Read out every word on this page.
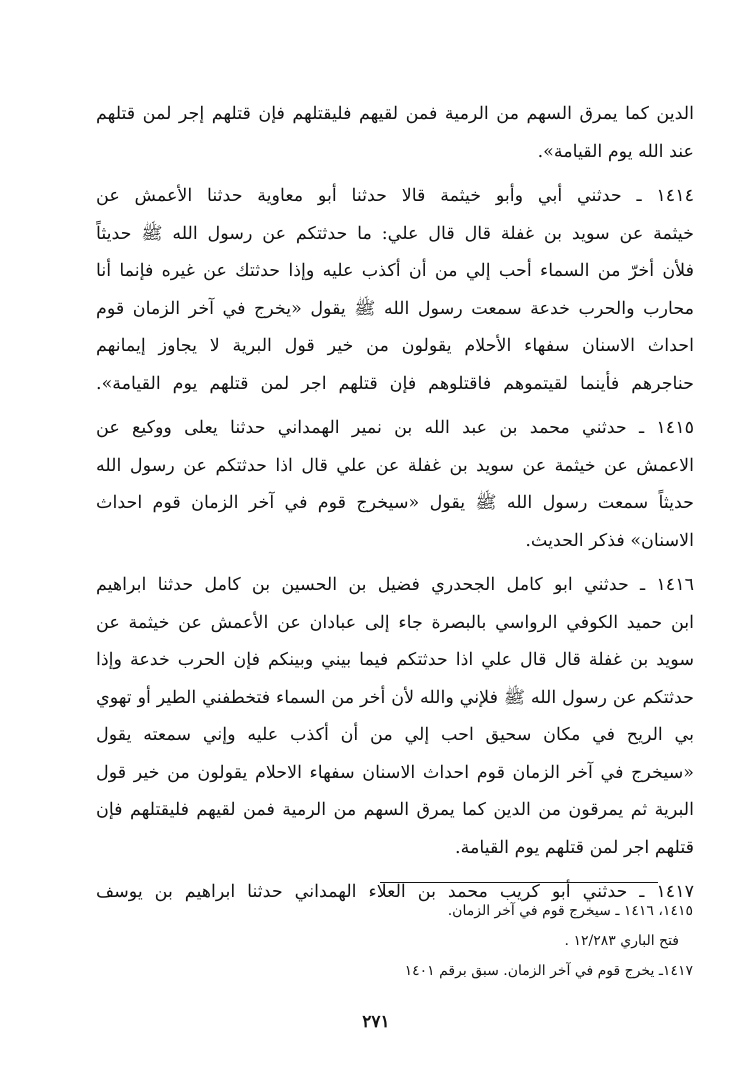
الدين كما يمرق السهم من الرمية فمن لقيهم فليقتلهم فإن قتلهم إجر لمن قتلهم
عند الله يوم القيامة».
١٤١٤ ـ حدثني أبي وأبو خيثمة قالا حدثنا أبو معاوية حدثنا الأعمش عن
خيثمة عن سويد بن غفلة قال قال علي: ما حدثتكم عن رسول الله ﷺ حديثاً
فلأن أخرّ من السماء أحب إلي من أن أكذب عليه وإذا حدثتك عن غيره فإنما أنا
محارب والحرب خدعة سمعت رسول الله ﷺ يقول «يخرج في آخر الزمان قوم
احداث الاسنان سفهاء الأحلام يقولون من خير قول البرية لا يجاوز إيمانهم
حناجرهم فأينما لقيتموهم فاقتلوهم فإن قتلهم اجر لمن قتلهم يوم القيامة».
١٤١٥ ـ حدثني محمد بن عبد الله بن نمير الهمداني حدثنا يعلى ووكيع عن
الاعمش عن خيثمة عن سويد بن غفلة عن علي قال اذا حدثتكم عن رسول الله
حديثاً سمعت رسول الله ﷺ يقول «سيخرج قوم في آخر الزمان قوم احداث
الاسنان» فذكر الحديث.
١٤١٦ ـ حدثني ابو كامل الجحدري فضيل بن الحسين بن كامل حدثنا ابراهيم
ابن حميد الكوفي الرواسي بالبصرة جاء إلى عبادان عن الأعمش عن خيثمة عن
سويد بن غفلة قال قال علي اذا حدثتكم فيما بيني وبينكم فإن الحرب خدعة وإذا
حدثتكم عن رسول الله ﷺ فلإني والله لأن أخر من السماء فتخطفني الطير أو تهوي
بي الريح في مكان سحيق احب إلي من أن أكذب عليه وإني سمعته يقول
«سيخرج في آخر الزمان قوم احداث الاسنان سفهاء الاحلام يقولون من خير قول
البرية ثم يمرقون من الدين كما يمرق السهم من الرمية فمن لقيهم فليقتلهم فإن
قتلهم اجر لمن قتلهم يوم القيامة.
١٤١٧ ـ حدثني أبو كريب محمد بن العلاء الهمداني حدثنا ابراهيم بن يوسف
١٤١٥، ١٤١٦ ـ سيخرج قوم في آخر الزمان.
فتح الباري ١٢/٢٨٣ .
١٤١٧ـ يخرج قوم في آخر الزمان. سبق برقم ١٤٠١
٢٧١
